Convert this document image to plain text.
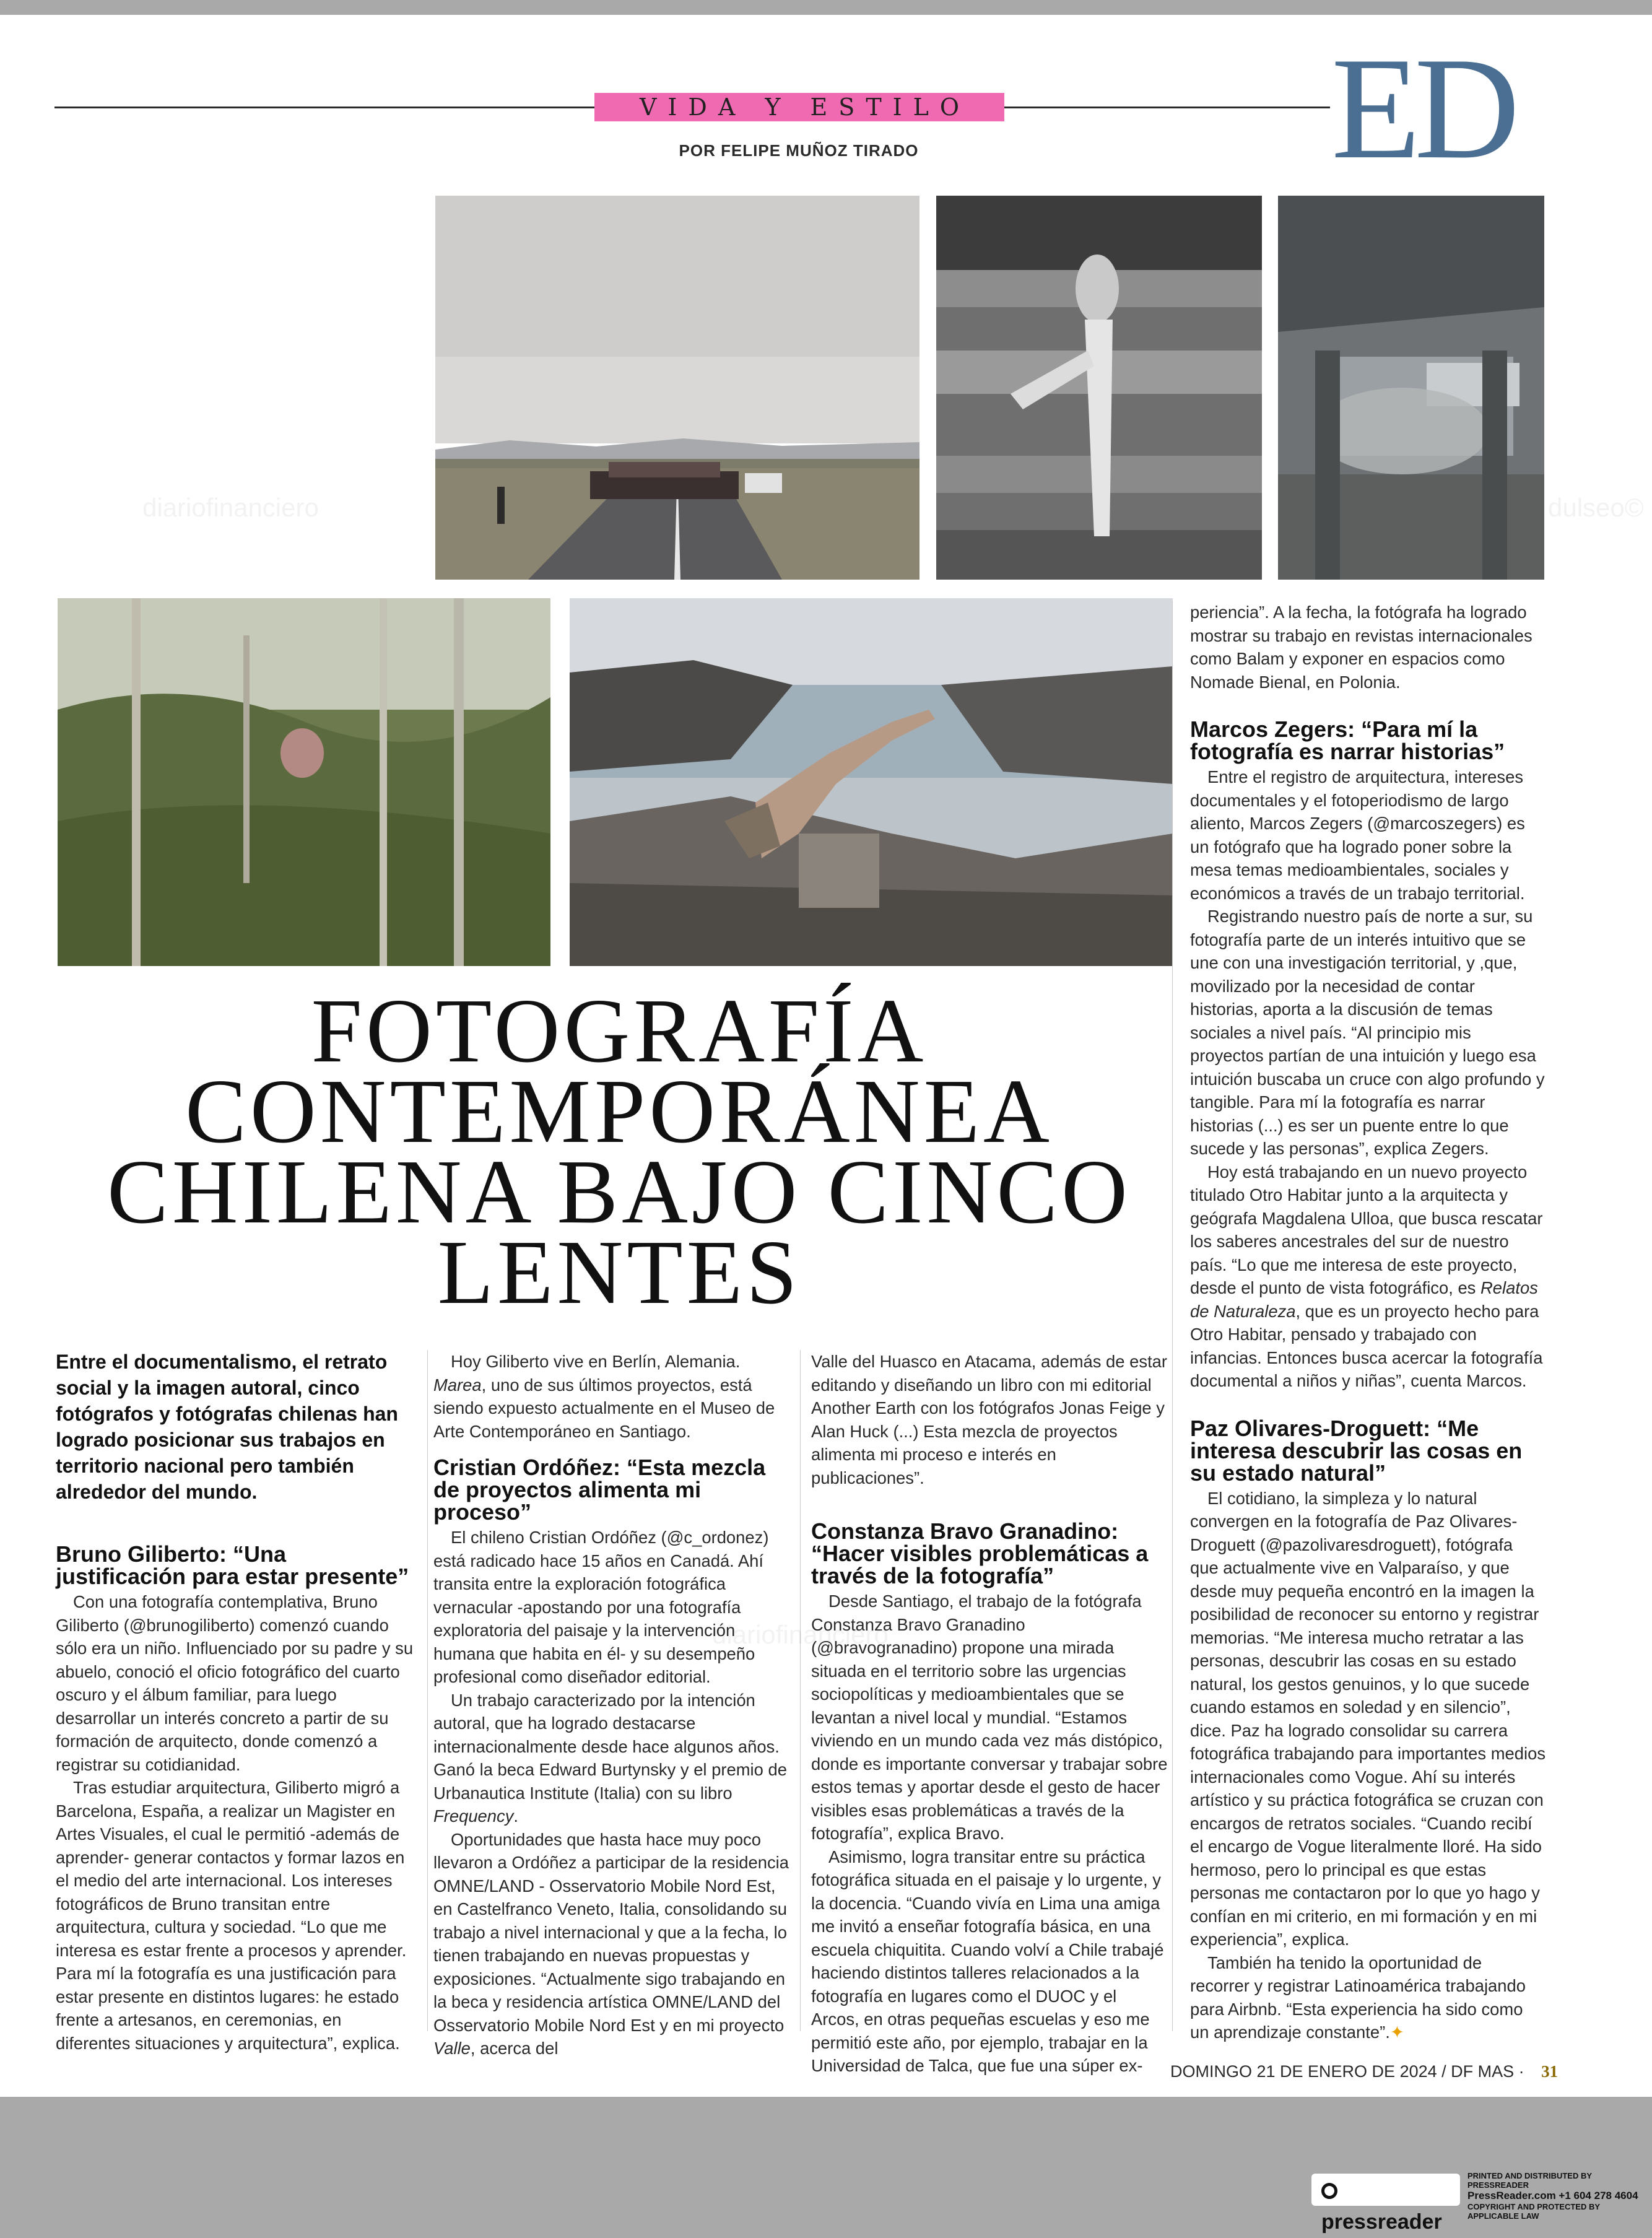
VIDA Y ESTILO
POR FELIPE MUÑOZ TIRADO	ED
FOTOGRAFÍA
CONTEMPORÁNEA
CHILENA BAJO CINCO
LENTES

Entre el documentalismo, el retrato social y la imagen autoral, cinco fotógrafos y fotógrafas chilenas han logrado posicionar sus trabajos en territorio nacional pero también alrededor del mundo.

Bruno Giliberto: “Una justificación para estar presente”

Con una fotografía contemplativa, Bruno Giliberto (@brunogiliberto) comenzó cuando sólo era un niño. Influenciado por su padre y su abuelo, conoció el oficio fotográfico del cuarto oscuro y el álbum familiar, para luego desarrollar un interés concreto a partir de su formación de arquitecto, donde comenzó a registrar su cotidianidad.

Tras estudiar arquitectura, Giliberto migró a Barcelona, España, a realizar un Magister en Artes Visuales, el cual le permitió -además de aprender- generar contactos y formar lazos en el medio del arte internacional. Los intereses fotográficos de Bruno transitan entre arquitectura, cultura y sociedad. “Lo que me interesa es estar frente a procesos y aprender. Para mí la fotografía es una justificación para estar presente en distintos lugares: he estado frente a artesanos, en ceremonias, en diferentes situaciones y arquitectura”, explica.

Hoy Giliberto vive en Berlín, Alemania. Marea, uno de sus últimos proyectos, está siendo expuesto actualmente en el Museo de Arte Contemporáneo en Santiago.

Cristian Ordóñez: “Esta mezcla de proyectos alimenta mi proceso”

El chileno Cristian Ordóñez (@c_ordonez) está radicado hace 15 años en Canadá. Ahí transita entre la exploración fotográfica vernacular -apostando por una fotografía exploratoria del paisaje y la intervención humana que habita en él- y su desempeño profesional como diseñador editorial.

Un trabajo caracterizado por la intención autoral, que ha logrado destacarse internacionalmente desde hace algunos años. Ganó la beca Edward Burtynsky y el premio de Urbanautica Institute (Italia) con su libro Frequency.

Oportunidades que hasta hace muy poco llevaron a Ordóñez a participar de la residencia OMNE/LAND - Osservatorio Mobile Nord Est, en Castelfranco Veneto, Italia, consolidando su trabajo a nivel internacional y que a la fecha, lo tienen trabajando en nuevas propuestas y exposiciones. “Actualmente sigo trabajando en la beca y residencia artística OMNE/LAND del Osservatorio Mobile Nord Est y en mi proyecto Valle, acerca del

Valle del Huasco en Atacama, además de estar editando y diseñando un libro con mi editorial Another Earth con los fotógrafos Jonas Feige y Alan Huck (...) Esta mezcla de proyectos alimenta mi proceso e interés en publicaciones”.

Constanza Bravo Granadino: “Hacer visibles problemáticas a través de la fotografía”

Desde Santiago, el trabajo de la fotógrafa Constanza Bravo Granadino (@bravogranadino) propone una mirada situada en el territorio sobre las urgencias sociopolíticas y medioambientales que se levantan a nivel local y mundial. “Estamos viviendo en un mundo cada vez más distópico, donde es importante conversar y trabajar sobre estos temas y aportar desde el gesto de hacer visibles esas problemáticas a través de la fotografía”, explica Bravo.

Asimismo, logra transitar entre su práctica fotográfica situada en el paisaje y lo urgente, y la docencia. “Cuando vivía en Lima una amiga me invitó a enseñar fotografía básica, en una escuela chiquitita. Cuando volví a Chile trabajé haciendo distintos talleres relacionados a la fotografía en lugares como el DUOC y el Arcos, en otras pequeñas escuelas y eso me permitió este año, por ejemplo, trabajar en la Universidad de Talca, que fue una súper ex-

periencia”. A la fecha, la fotógrafa ha logrado mostrar su trabajo en revistas internacionales como Balam y exponer en espacios como Nomade Bienal, en Polonia.

Marcos Zegers: “Para mí la fotografía es narrar historias”

Entre el registro de arquitectura, intereses documentales y el fotoperiodismo de largo aliento, Marcos Zegers (@marcoszegers) es un fotógrafo que ha logrado poner sobre la mesa temas medioambientales, sociales y económicos a través de un trabajo territorial.

Registrando nuestro país de norte a sur, su fotografía parte de un interés intuitivo que se une con una investigación territorial, y ,que, movilizado por la necesidad de contar historias, aporta a la discusión de temas sociales a nivel país. “Al principio mis proyectos partían de una intuición y luego esa intuición buscaba un cruce con algo profundo y tangible. Para mí la fotografía es narrar historias (...) es ser un puente entre lo que sucede y las personas”, explica Zegers.

Hoy está trabajando en un nuevo proyecto titulado Otro Habitar junto a la arquitecta y geógrafa Magdalena Ulloa, que busca rescatar los saberes ancestrales del sur de nuestro país. “Lo que me interesa de este proyecto, desde el punto de vista fotográfico, es Relatos de Naturaleza, que es un proyecto hecho para Otro Habitar, pensado y trabajado con infancias. Entonces busca acercar la fotografía documental a niños y niñas”, cuenta Marcos.

Paz Olivares-Droguett: “Me interesa descubrir las cosas en su estado natural”

El cotidiano, la simpleza y lo natural convergen en la fotografía de Paz Olivares-Droguett (@pazolivaresdroguett), fotógrafa que actualmente vive en Valparaíso, y que desde muy pequeña encontró en la imagen la posibilidad de reconocer su entorno y registrar memorias. “Me interesa mucho retratar a las personas, descubrir las cosas en su estado natural, los gestos genuinos, y lo que sucede cuando estamos en soledad y en silencio”, dice. Paz ha logrado consolidar su carrera fotográfica trabajando para importantes medios internacionales como Vogue. Ahí su interés artístico y su práctica fotográfica se cruzan con encargos de retratos sociales. “Cuando recibí el encargo de Vogue literalmente lloré. Ha sido hermoso, pero lo principal es que estas personas me contactaron por lo que yo hago y confían en mi criterio, en mi formación y en mi experiencia”, explica.

También ha tenido la oportunidad de recorrer y registrar Latinoamérica trabajando para Airbnb. “Esta experiencia ha sido como un aprendizaje constante”.✦

diariofinanciero
diariofinanciero
dulseo©
DOMINGO 21 DE ENERO DE 2024 / DF MAS · 31
pressreader
PRINTED AND DISTRIBUTED BY PRESSREADER
PressReader.com +1 604 278 4604
COPYRIGHT AND PROTECTED BY APPLICABLE LAW
